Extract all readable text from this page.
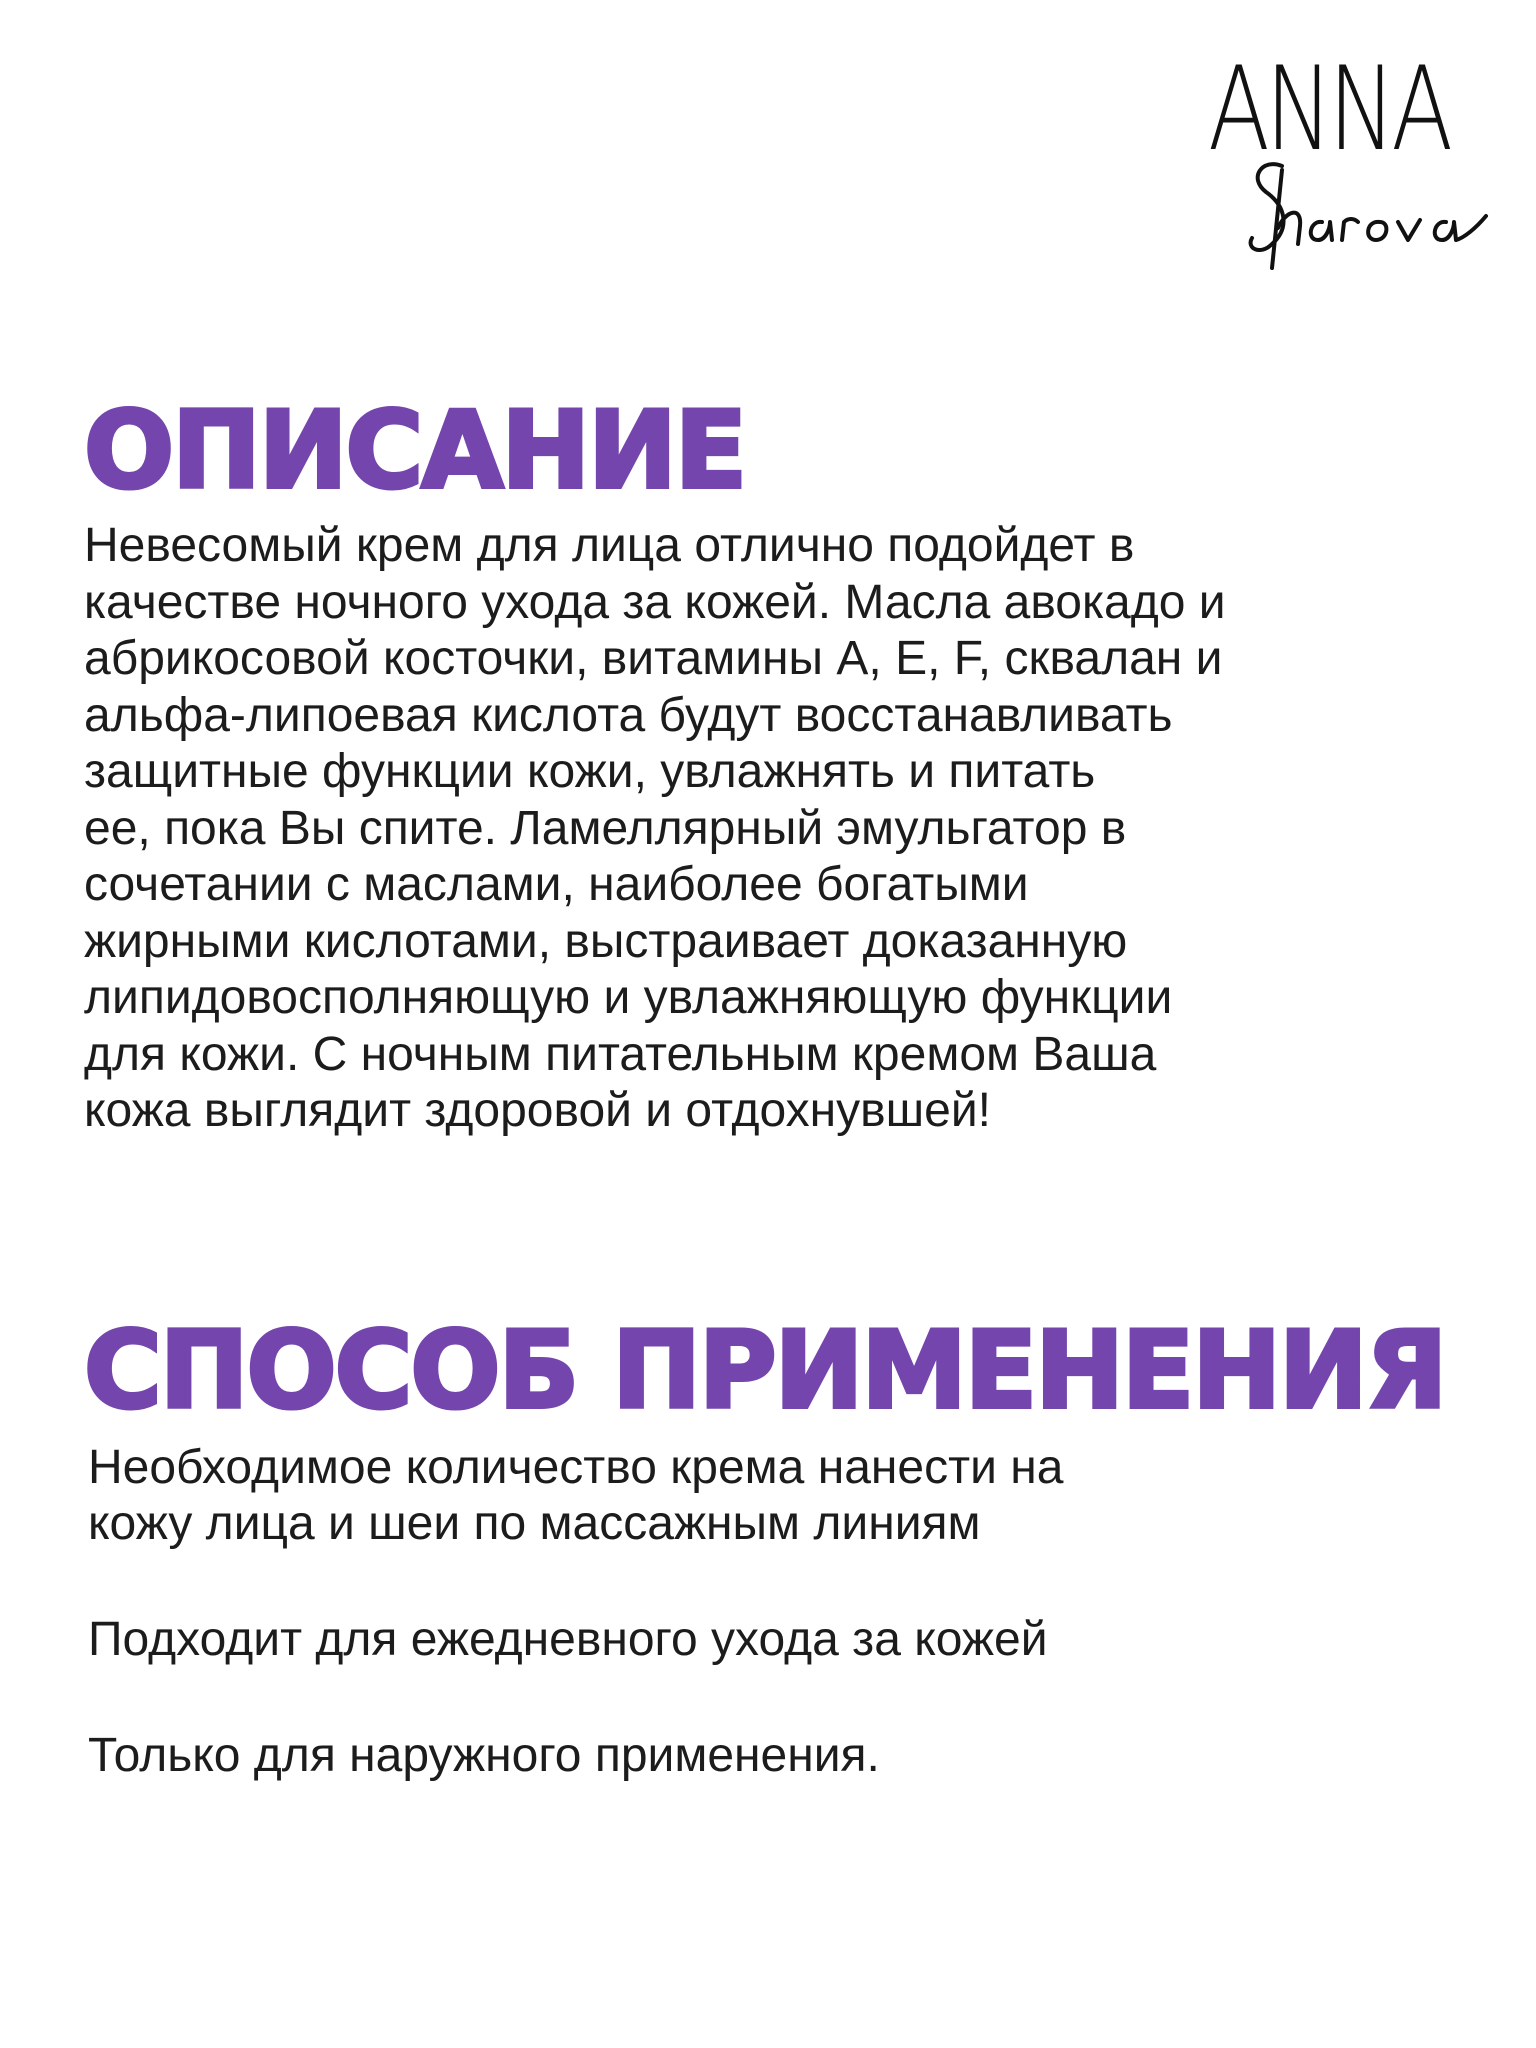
ANNA
ОПИСАНИЕ

Невесомый крем для лица отлично подойдет в
качестве ночного ухода за кожей. Масла авокадо и
абрикосовой косточки, витамины A, E, F, сквалан и
альфа-липоевая кислота будут восстанавливать
защитные функции кожи, увлажнять и питать
ее, пока Вы спите. Ламеллярный эмульгатор в
сочетании с маслами, наиболее богатыми
жирными кислотами, выстраивает доказанную
липидовосполняющую и увлажняющую функции
для кожи. С ночным питательным кремом Ваша
кожа выглядит здоровой и отдохнувшей!

СПОСОБ ПРИМЕНЕНИЯ

Необходимое количество крема нанести на

кожу лица и шеи по массажным линиям

Подходит для ежедневного ухода за кожей

Только для наружного применения.
